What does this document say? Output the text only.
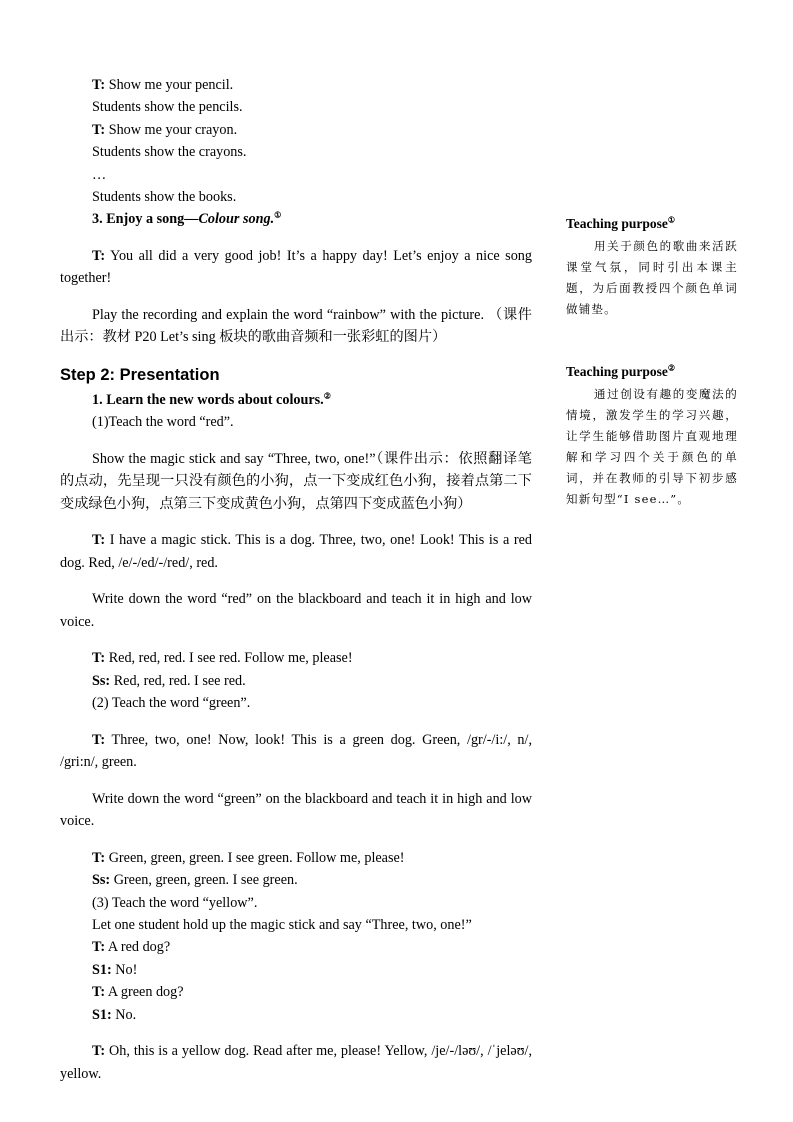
T: Show me your pencil.

Students show the pencils.

T: Show me your crayon.

Students show the crayons.

…

Students show the books.

3. Enjoy a song—Colour song.①

T: You all did a very good job! It’s a happy day! Let’s enjoy a nice song together!

Play the recording and explain the word “rainbow” with the picture. （课件出示：教材 P20 Let’s sing 板块的歌曲音频和一张彩虹的图片）

Step 2: Presentation

1. Learn the new words about colours.②

(1)Teach the word “red”.

Show the magic stick and say “Three, two, one!”（课件出示：依照翻译笔的点动，先呈现一只没有颜色的小狗，点一下变成红色小狗，接着点第二下变成绿色小狗，点第三下变成黄色小狗，点第四下变成蓝色小狗）

T: I have a magic stick. This is a dog. Three, two, one! Look! This is a red dog. Red, /e/-/ed/-/red/, red.

Write down the word “red” on the blackboard and teach it in high and low voice.

T: Red, red, red. I see red. Follow me, please!

Ss: Red, red, red. I see red.

(2) Teach the word “green”.

T: Three, two, one! Now, look! This is a green dog. Green, /gr/-/i:/, n/, /gri:n/, green.

Write down the word “green” on the blackboard and teach it in high and low voice.

T: Green, green, green. I see green. Follow me, please!

Ss: Green, green, green. I see green.

(3) Teach the word “yellow”.

Let one student hold up the magic stick and say “Three, two, one!”

T: A red dog?

S1: No!

T: A green dog?

S1: No.

T: Oh, this is a yellow dog. Read after me, please! Yellow, /je/-/ləʊ/, /ˈjeləʊ/, yellow.

Teaching purpose①

用关于颜色的歌曲来活跃课堂气氛，同时引出本课主题，为后面教授四个颜色单词做铺垫。

Teaching purpose②

通过创设有趣的变魔法的情境，激发学生的学习兴趣，让学生能够借助图片直观地理解和学习四个关于颜色的单词，并在教师的引导下初步感知新句型“I see…”。
